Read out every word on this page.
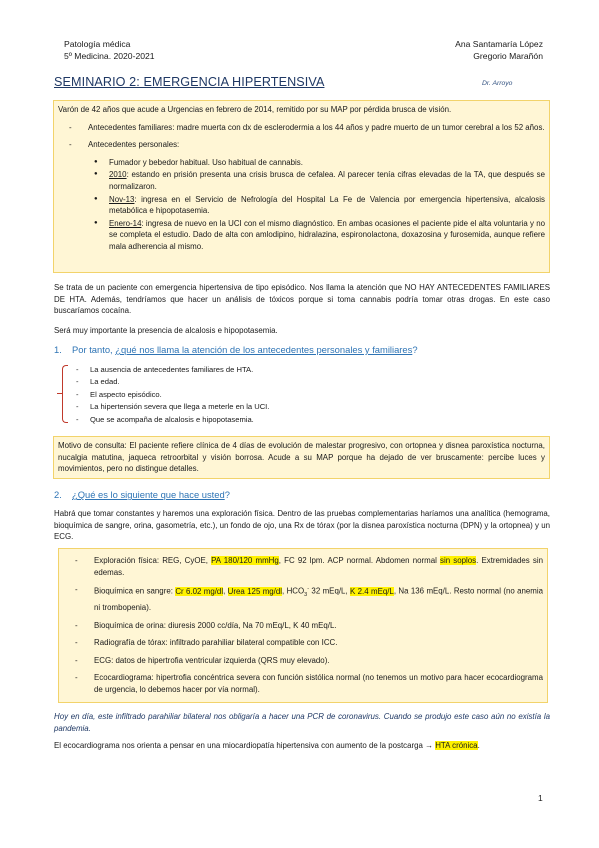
Patología médica
5º Medicina. 2020-2021
Ana Santamaría López
Gregorio Marañón
SEMINARIO 2: EMERGENCIA HIPERTENSIVA	Dr. Arroyo
Varón de 42 años que acude a Urgencias en febrero de 2014, remitido por su MAP por pérdida brusca de visión.
- Antecedentes familiares: madre muerta con dx de esclerodermia a los 44 años y padre muerto de un tumor cerebral a los 52 años.
- Antecedentes personales:
● Fumador y bebedor habitual. Uso habitual de cannabis.
● 2010: estando en prisión presenta una crisis brusca de cefalea. Al parecer tenía cifras elevadas de la TA, que después se normalizaron.
● Nov-13: ingresa en el Servicio de Nefrología del Hospital La Fe de Valencia por emergencia hipertensiva, alcalosis metabólica e hipopotasemia.
● Enero-14: ingresa de nuevo en la UCI con el mismo diagnóstico. En ambas ocasiones el paciente pide el alta voluntaria y no se completa el estudio. Dado de alta con amlodipino, hidralazina, espironolactona, doxazosina y furosemida, aunque refiere mala adherencia al mismo.
Se trata de un paciente con emergencia hipertensiva de tipo episódico. Nos llama la atención que NO HAY ANTECEDENTES FAMILIARES DE HTA. Además, tendríamos que hacer un análisis de tóxicos porque si toma cannabis podría tomar otras drogas. En este caso buscaríamos cocaína.
Será muy importante la presencia de alcalosis e hipopotasemia.
1. Por tanto, ¿qué nos llama la atención de los antecedentes personales y familiares?
- La ausencia de antecedentes familiares de HTA.
- La edad.
- El aspecto episódico.
- La hipertensión severa que llega a meterle en la UCI.
- Que se acompaña de alcalosis e hipopotasemia.
Motivo de consulta: El paciente refiere clínica de 4 días de evolución de malestar progresivo, con ortopnea y disnea paroxística nocturna, nucalgia matutina, jaqueca retroorbital y visión borrosa. Acude a su MAP porque ha dejado de ver bruscamente: percibe luces y movimientos, pero no distingue detalles.
2. ¿Qué es lo siguiente que hace usted?
Habrá que tomar constantes y haremos una exploración física. Dentro de las pruebas complementarias haríamos una analítica (hemograma, bioquímica de sangre, orina, gasometría, etc.), un fondo de ojo, una Rx de tórax (por la disnea paroxística nocturna (DPN) y la ortopnea) y un ECG.
- Exploración física: REG, CyOE, PA 180/120 mmHg, FC 92 lpm. ACP normal. Abdomen normal sin soplos. Extremidades sin edemas.
- Bioquímica en sangre: Cr 6.02 mg/dl, Urea 125 mg/dl, $HCO_3^-$ 32 mEq/L, K 2.4 mEq/L, Na 136 mEq/L. Resto normal (no anemia ni trombopenia).
- Bioquímica de orina: diuresis 2000 cc/día, Na 70 mEq/L, K 40 mEq/L.
- Radiografía de tórax: infiltrado parahiliar bilateral compatible con ICC.
- ECG: datos de hipertrofia ventricular izquierda (QRS muy elevado).
- Ecocardiograma: hipertrofia concéntrica severa con función sistólica normal (no tenemos un motivo para hacer ecocardiograma de urgencia, lo debemos hacer por vía normal).
Hoy en día, este infiltrado parahiliar bilateral nos obligaría a hacer una PCR de coronavirus. Cuando se produjo este caso aún no existía la pandemia.
El ecocardiograma nos orienta a pensar en una miocardiopatía hipertensiva con aumento de la postcarga → HTA crónica.
1
